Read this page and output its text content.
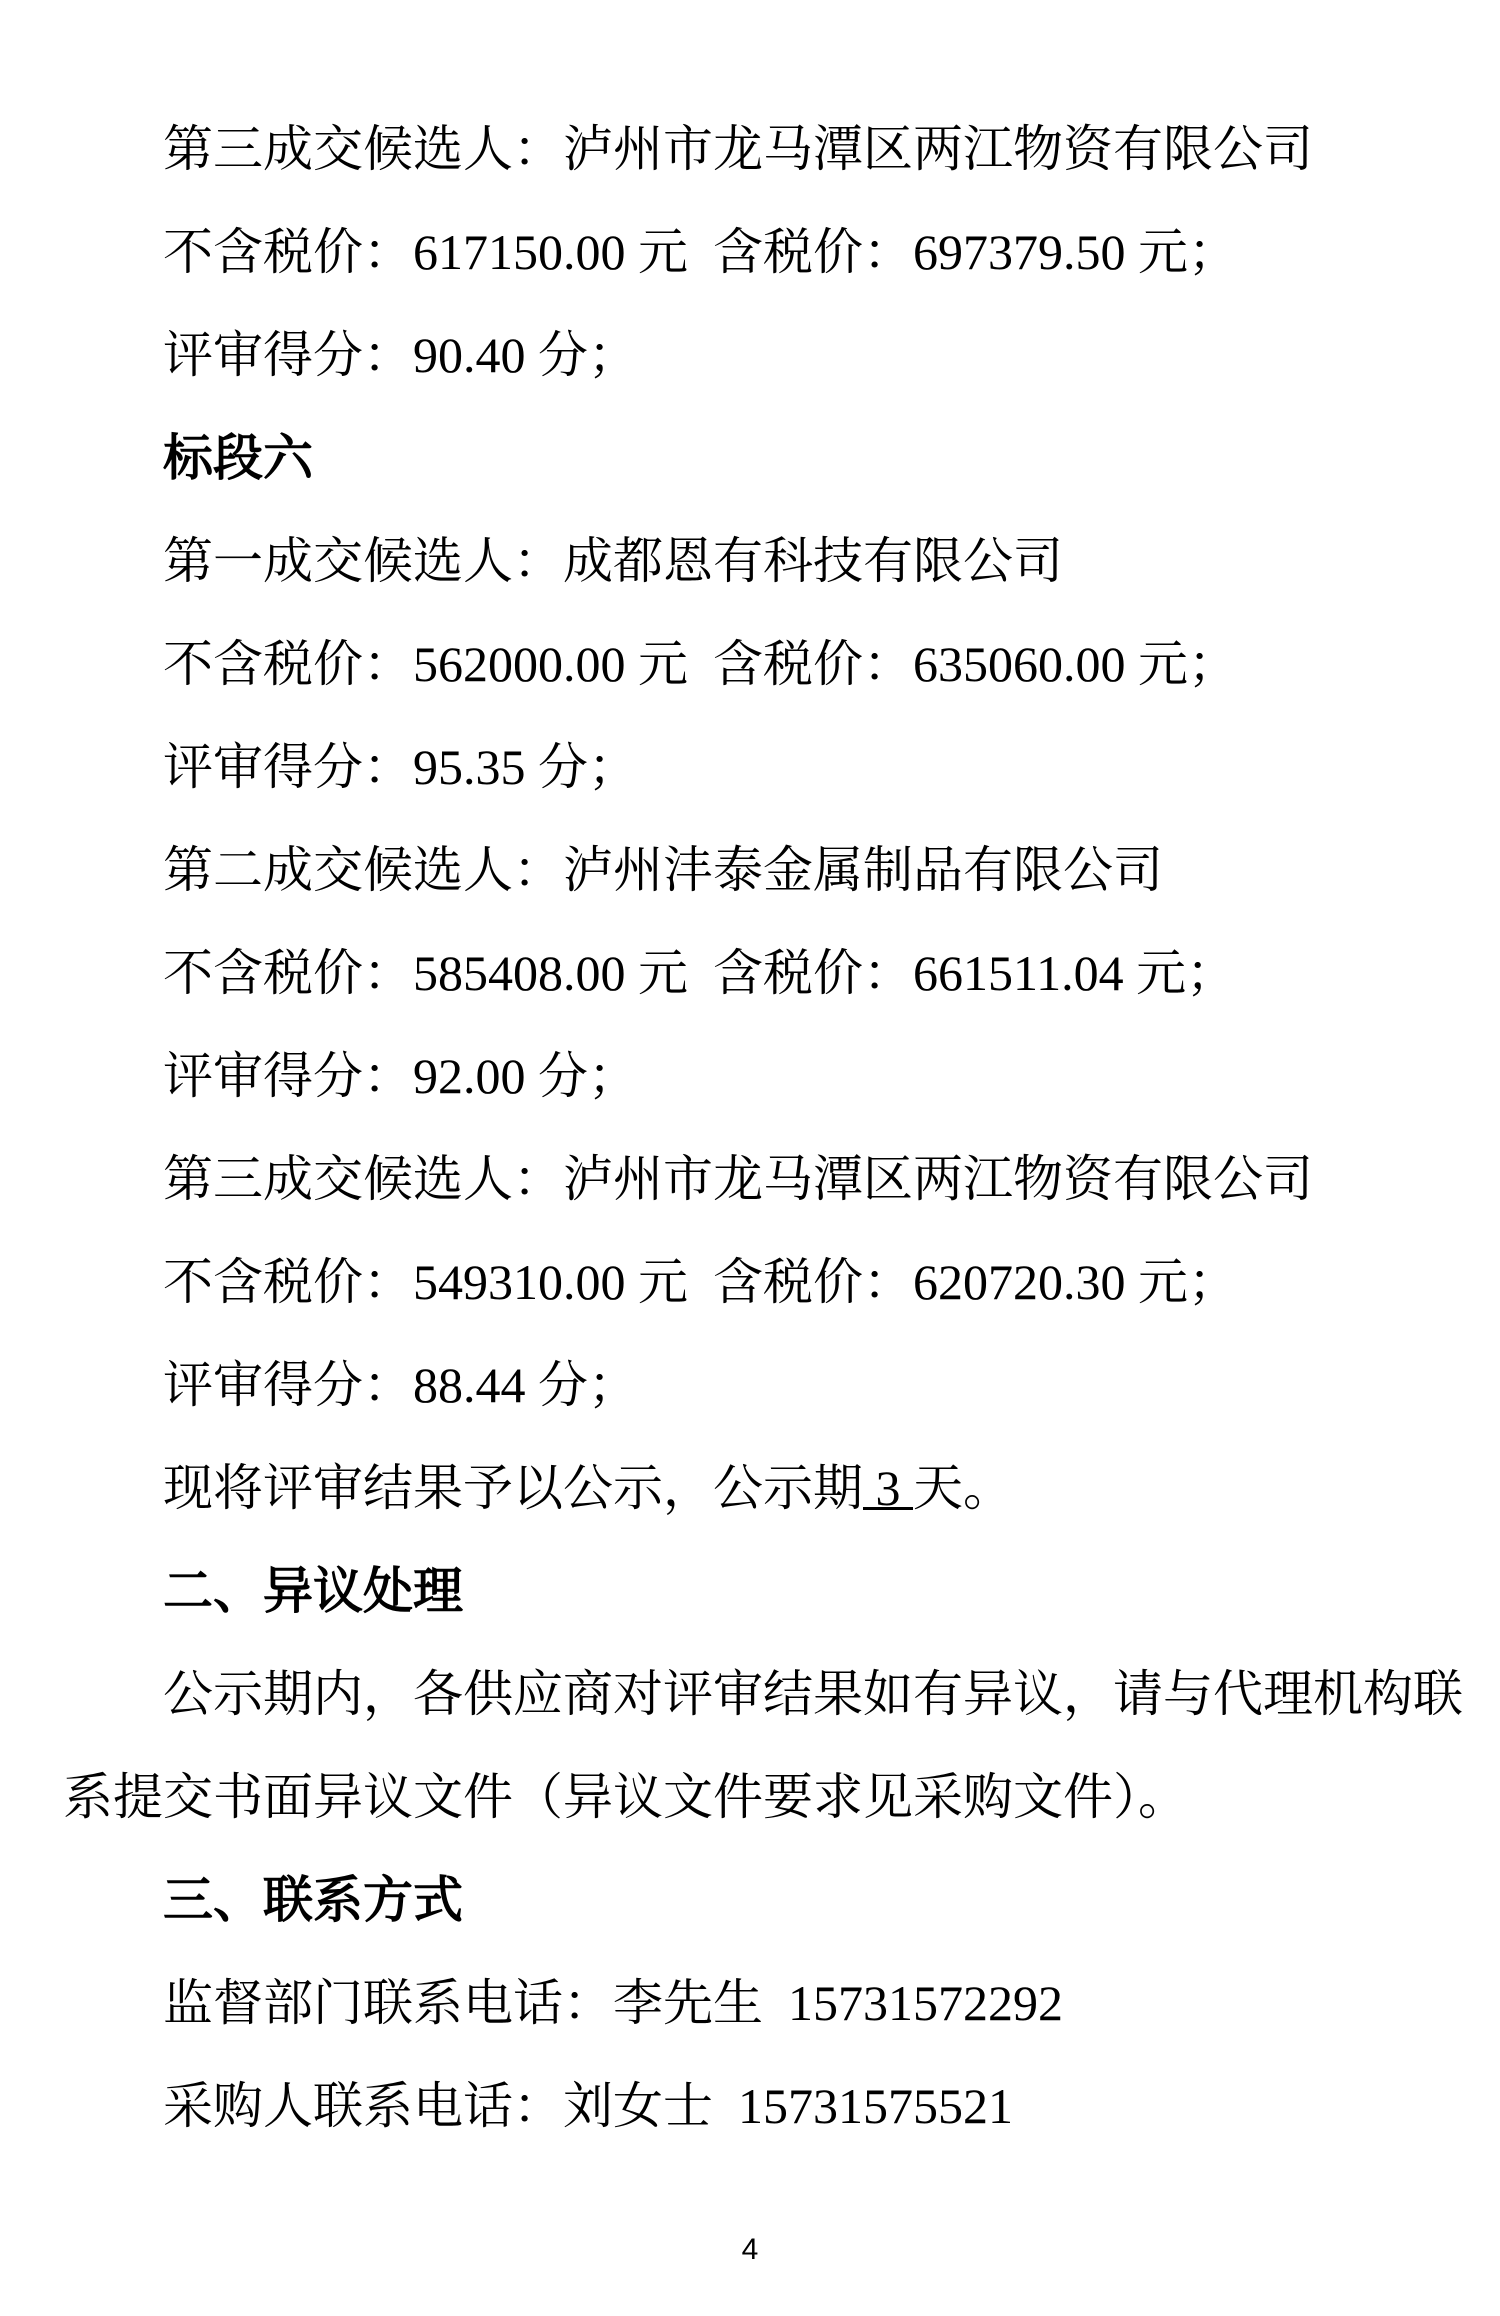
第三成交候选人：泸州市龙马潭区两江物资有限公司

不含税价：617150.00 元  含税价：697379.50 元；

评审得分：90.40 分；

标段六

第一成交候选人：成都恩有科技有限公司

不含税价：562000.00 元  含税价：635060.00 元；

评审得分：95.35 分；

第二成交候选人：泸州沣泰金属制品有限公司

不含税价：585408.00 元  含税价：661511.04 元；

评审得分：92.00 分；

第三成交候选人：泸州市龙马潭区两江物资有限公司

不含税价：549310.00 元  含税价：620720.30 元；

评审得分：88.44 分；

现将评审结果予以公示，公示期 3 天。

二、异议处理

公示期内，各供应商对评审结果如有异议，请与代理机构联系提交书面异议文件（异议文件要求见采购文件）。

三、联系方式

监督部门联系电话：李先生  15731572292

采购人联系电话：刘女士  15731575521

4
